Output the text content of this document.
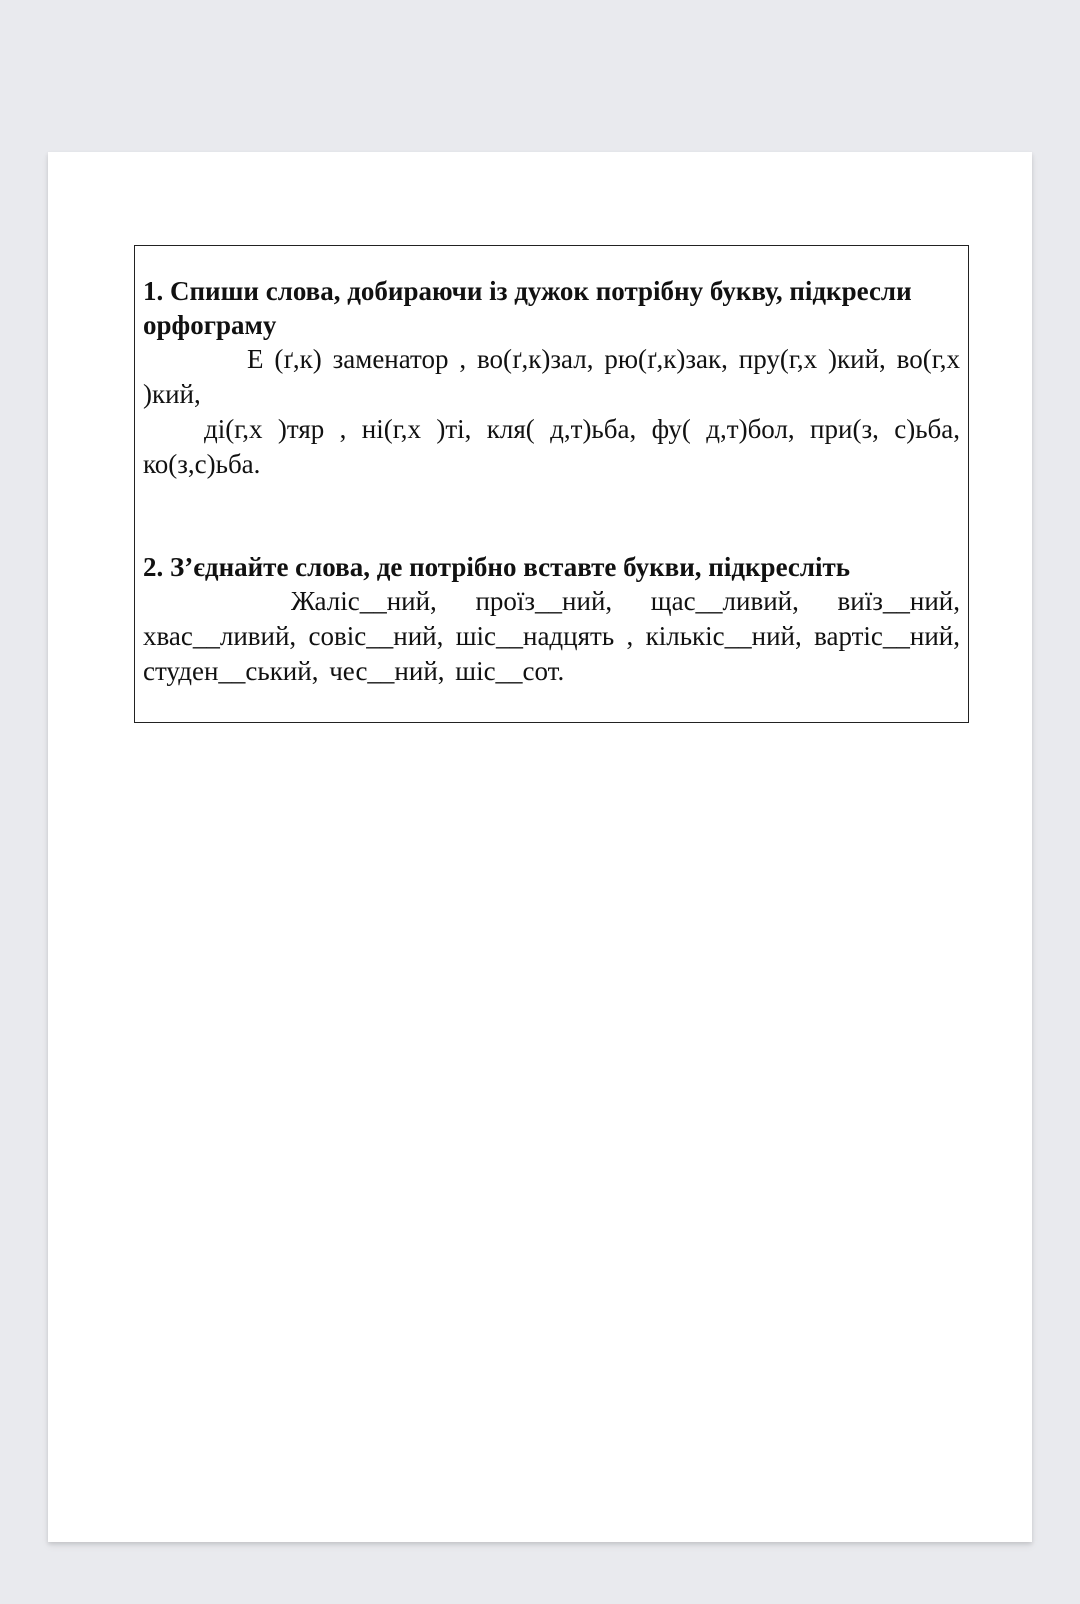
1. Спиши слова, добираючи із дужок потрібну букву, підкресли орфограму

Е (ґ,к) заменатор , во(ґ,к)зал, рю(ґ,к)зак, пру(г,х )кий, во(г,х )кий,

ді(г,х )тяр , ні(г,х )ті, кля( д,т)ьба, фу( д,т)бол, при(з, с)ьба, ко(з,с)ьба.

2. З’єднайте слова, де потрібно вставте букви, підкресліть

Жаліс__ний, проїз__ний, щас__ливий, виїз__ний, хвас__ливий, совіс__ний, шіс__надцять , кількіс__ний, вартіс__ний, студен__ський, чес__ний, шіс__сот.
